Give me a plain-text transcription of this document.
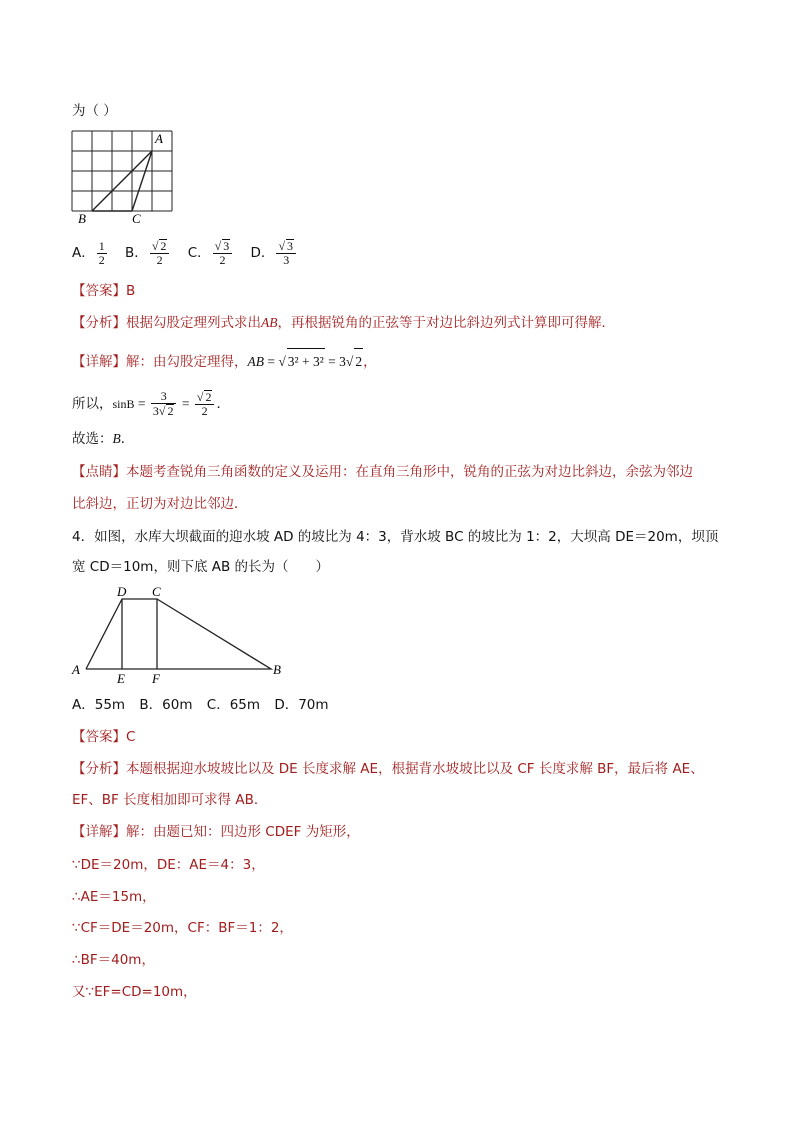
为（ ）
A
B	C
A． $\frac{1}{2}$ B． $\frac{√ 2}{2}$ C． $\frac{√ 3}{2}$ D． $\frac{√ 3}{3}$
【答案】B
【分析】根据勾股定理列式求出AB，再根据锐角的正弦等于对边比斜边列式计算即可得解．
【详解】解：由勾股定理得，AB = √ 3² + 3² = 3√ 2，
所以，$\sin B = \frac{3}{3√ 2} = \frac{√ 2}{2}$ ．
故选：B．
【点睛】本题考查锐角三角函数的定义及运用：在直角三角形中，锐角的正弦为对边比斜边，余弦为邻边
比斜边，正切为对边比邻边．
4．如图，水库大坝截面的迎水坡 AD 的坡比为 4：3，背水坡 BC 的坡比为 1：2，大坝高 DE＝20m，坝顶
宽 CD＝10m，则下底 AB 的长为（　　）
D C
A	B
E F
A．55m B．60m C．65m D．70m
【答案】C
【分析】本题根据迎水坡坡比以及 DE 长度求解 AE，根据背水坡坡比以及 CF 长度求解 BF，最后将 AE、
EF、BF 长度相加即可求得 AB．
【详解】解：由题已知：四边形 CDEF 为矩形，
∵DE＝20m，DE：AE＝4：3，
∴AE＝15m，
∵CF＝DE＝20m，CF：BF＝1：2，
∴BF＝40m，
又∵EF=CD=10m，
